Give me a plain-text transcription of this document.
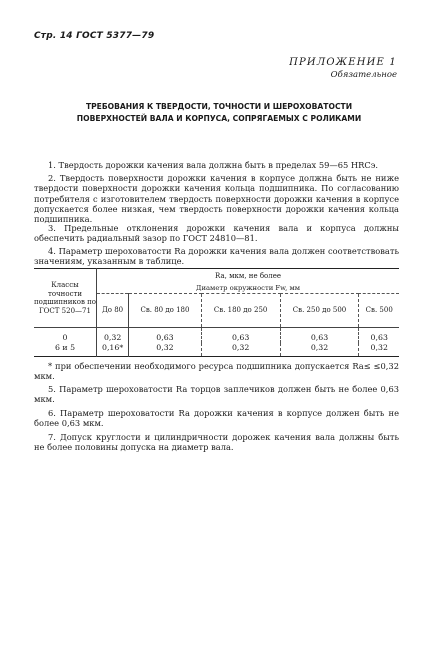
Стр. 14 ГОСТ 5377—79
ПРИЛОЖЕНИЕ 1
Обязательное
ТРЕБОВАНИЯ К ТВЕРДОСТИ, ТОЧНОСТИ И ШЕРОХОВАТОСТИ
ПОВЕРХНОСТЕЙ ВАЛА И КОРПУСА, СОПРЯГАЕМЫХ С РОЛИКАМИ

1. Твердость дорожки качения вала должна быть в пределах 59—65 HRCэ.

2. Твердость поверхности дорожки качения в корпусе должна быть не ниже твердости поверхности дорожки качения кольца подшипника. По согласованию потребителя с изготовителем твердость поверхности дорожки качения в корпусе допускается более низкая, чем твердость поверхности дорожки качения кольца подшипника.

3. Предельные отклонения дорожки качения вала и корпуса должны обеспечить радиальный зазор по ГОСТ 24810—81.

4. Параметр шероховатости Ra дорожки качения вала должен соответствовать значениям, указанным в таблице.

Классы точности подшипников по ГОСТ 520—71	Ra, мкм, не более				
	Диаметр окружности Fw, мм				
	До 80	Св. 80 до 180	Св. 180 до 250	Св. 250 до 500	Св. 500
0	0,32	0,63	0,63	0,63	0,63
6 и 5	0,16*	0,32	0,32	0,32	0,32

* при обеспечении необходимого ресурса подшипника допускается Ra≤ ≤0,32 мкм.

5. Параметр шероховатости Ra торцов заплечиков должен быть не более 0,63 мкм.

6. Параметр шероховатости Ra дорожки качения в корпусе должен быть не более 0,63 мкм.

7. Допуск круглости и цилиндричности дорожек качения вала должны быть не более половины допуска на диаметр вала.
